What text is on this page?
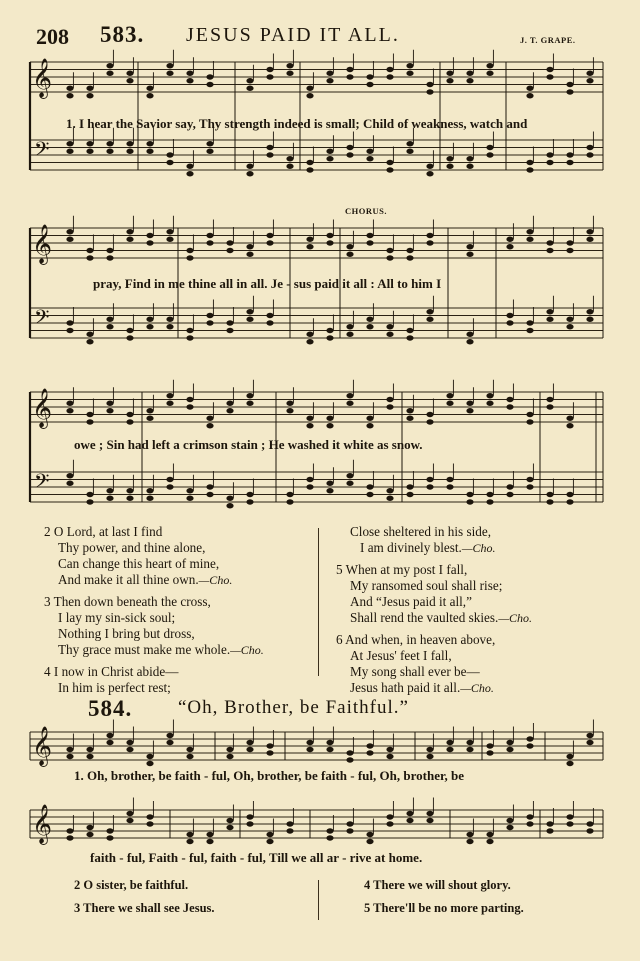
208 583. JESUS PAID IT ALL.	J. T. GRAPE.
𝄞
𝄢
1. I hear the Savior say, Thy strength indeed is small; Child of weakness, watch and
CHORUS.
𝄞
𝄢
pray, Find in me thine all in all. Je - sus paid it all : All to him I
𝄞
𝄢
owe ; Sin had left a crimson stain ; He washed it white as snow.
2 O Lord, at last I find
Thy power, and thine alone,
Can change this heart of mine,
And make it all thine own.—Cho.
3 Then down beneath the cross,
I lay my sin-sick soul;
Nothing I bring but dross,
Thy grace must make me whole.—Cho.
4 I now in Christ abide—
In him is perfect rest;
Close sheltered in his side,
I am divinely blest.—Cho.
5 When at my post I fall,
My ransomed soul shall rise;
And “Jesus paid it all,”
Shall rend the vaulted skies.—Cho.
6 And when, in heaven above,
At Jesus' feet I fall,
My song shall ever be—
Jesus hath paid it all.—Cho.
584. “Oh, Brother, be Faithful.”
𝄞
1. Oh, brother, be faith - ful, Oh, brother, be faith - ful, Oh, brother, be
𝄞
faith - ful, Faith - ful, faith - ful, Till we all ar - rive at home.
2 O sister, be faithful.
3 There we shall see Jesus.
4 There we will shout glory.
5 There'll be no more parting.
